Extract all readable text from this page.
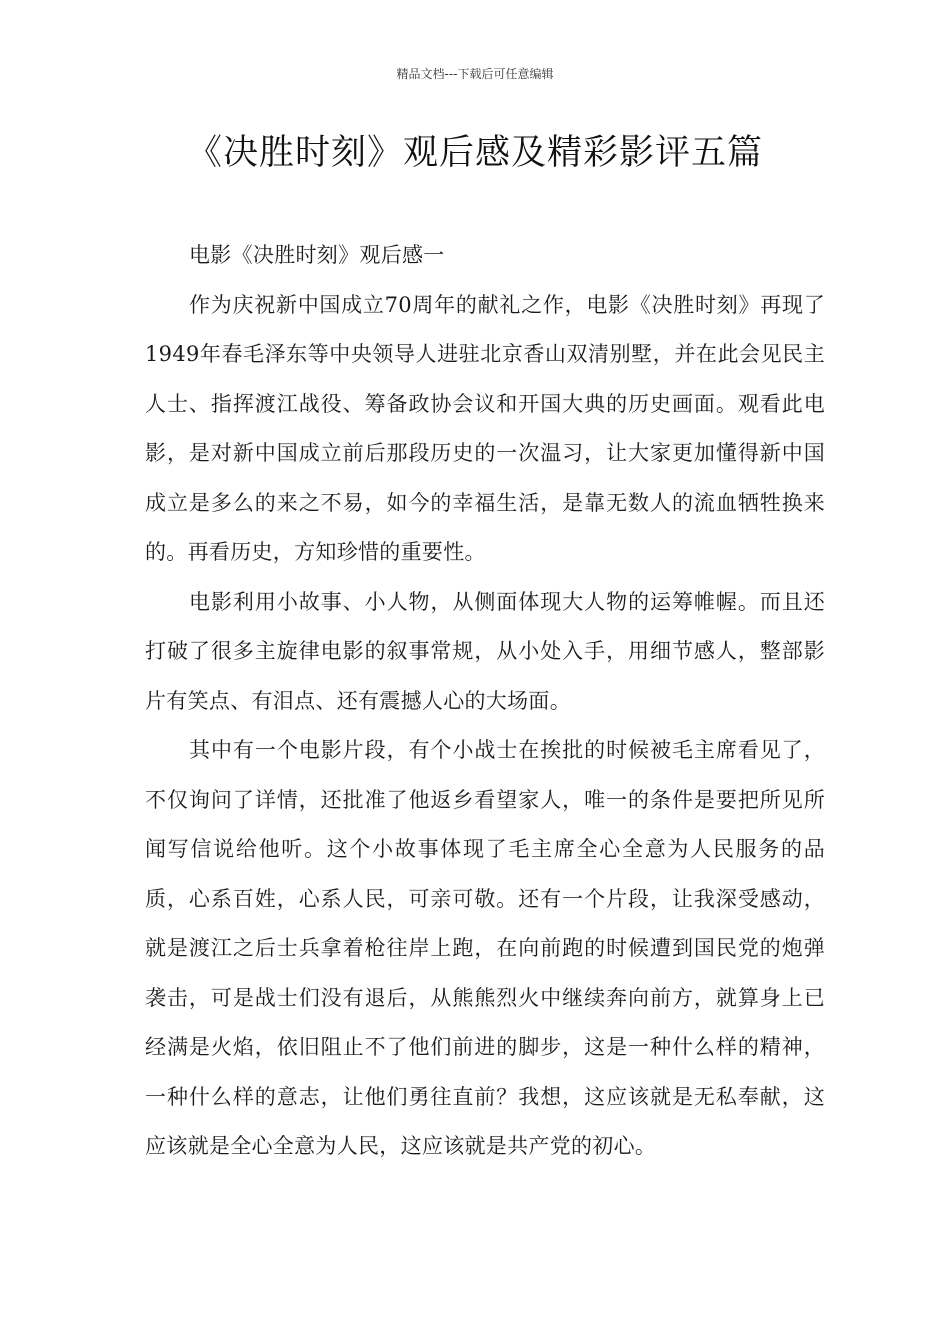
精品文档---下载后可任意编辑
《决胜时刻》观后感及精彩影评五篇

电影《决胜时刻》观后感一

作为庆祝新中国成立70周年的献礼之作，电影《决胜时刻》再现了1949年春毛泽东等中央领导人进驻北京香山双清别墅，并在此会见民主人士、指挥渡江战役、筹备政协会议和开国大典的历史画面。观看此电影，是对新中国成立前后那段历史的一次温习，让大家更加懂得新中国成立是多么的来之不易，如今的幸福生活，是靠无数人的流血牺牲换来的。再看历史，方知珍惜的重要性。

电影利用小故事、小人物，从侧面体现大人物的运筹帷幄。而且还打破了很多主旋律电影的叙事常规，从小处入手，用细节感人，整部影片有笑点、有泪点、还有震撼人心的大场面。

其中有一个电影片段，有个小战士在挨批的时候被毛主席看见了，不仅询问了详情，还批准了他返乡看望家人，唯一的条件是要把所见所闻写信说给他听。这个小故事体现了毛主席全心全意为人民服务的品质，心系百姓，心系人民，可亲可敬。还有一个片段，让我深受感动，就是渡江之后士兵拿着枪往岸上跑，在向前跑的时候遭到国民党的炮弹袭击，可是战士们没有退后，从熊熊烈火中继续奔向前方，就算身上已经满是火焰，依旧阻止不了他们前进的脚步，这是一种什么样的精神，一种什么样的意志，让他们勇往直前？我想，这应该就是无私奉献，这应该就是全心全意为人民，这应该就是共产党的初心。
